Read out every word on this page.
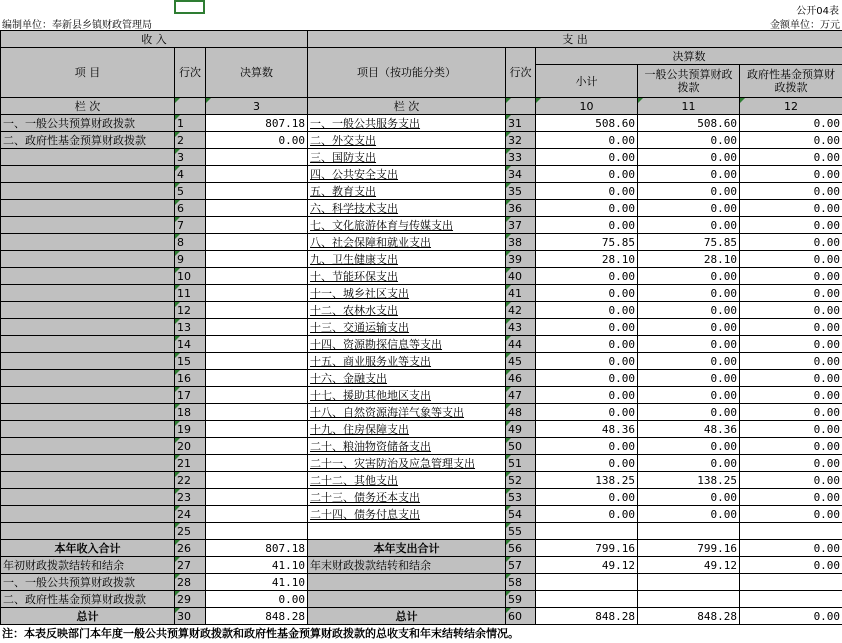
公开04表
编制单位：奉新县乡镇财政管理局	金额单位：万元
收 入			支 出				
项 目	行次	决算数	项目（按功能分类）	行次	决算数		
					小计	一般公共预算财政拨款	政府性基金预算财政拨款
栏 次		3	栏 次		10	11	12
一、一般公共预算财政拨款	1	807.18	一、一般公共服务支出	31	508.60	508.60	0.00
二、政府性基金预算财政拨款	2	0.00	二、外交支出	32	0.00	0.00	0.00
	3		三、国防支出	33	0.00	0.00	0.00
	4		四、公共安全支出	34	0.00	0.00	0.00
	5		五、教育支出	35	0.00	0.00	0.00
	6		六、科学技术支出	36	0.00	0.00	0.00
	7		七、文化旅游体育与传媒支出	37	0.00	0.00	0.00
	8		八、社会保障和就业支出	38	75.85	75.85	0.00
	9		九、卫生健康支出	39	28.10	28.10	0.00
	10		十、节能环保支出	40	0.00	0.00	0.00
	11		十一、城乡社区支出	41	0.00	0.00	0.00
	12		十二、农林水支出	42	0.00	0.00	0.00
	13		十三、交通运输支出	43	0.00	0.00	0.00
	14		十四、资源勘探信息等支出	44	0.00	0.00	0.00
	15		十五、商业服务业等支出	45	0.00	0.00	0.00
	16		十六、金融支出	46	0.00	0.00	0.00
	17		十七、援助其他地区支出	47	0.00	0.00	0.00
	18		十八、自然资源海洋气象等支出	48	0.00	0.00	0.00
	19		十九、住房保障支出	49	48.36	48.36	0.00
	20		二十、粮油物资储备支出	50	0.00	0.00	0.00
	21		二十一、灾害防治及应急管理支出	51	0.00	0.00	0.00
	22		二十二、其他支出	52	138.25	138.25	0.00
	23		二十三、债务还本支出	53	0.00	0.00	0.00
	24		二十四、债务付息支出	54	0.00	0.00	0.00
	25			55			
本年收入合计	26	807.18	本年支出合计	56	799.16	799.16	0.00
年初财政拨款结转和结余	27	41.10	年末财政拨款结转和结余	57	49.12	49.12	0.00
一、一般公共预算财政拨款	28	41.10		58			
二、政府性基金预算财政拨款	29	0.00		59			
总计	30	848.28	总计	60	848.28	848.28	0.00
注：本表反映部门本年度一般公共预算财政拨款和政府性基金预算财政拨款的总收支和年末结转结余情况。
